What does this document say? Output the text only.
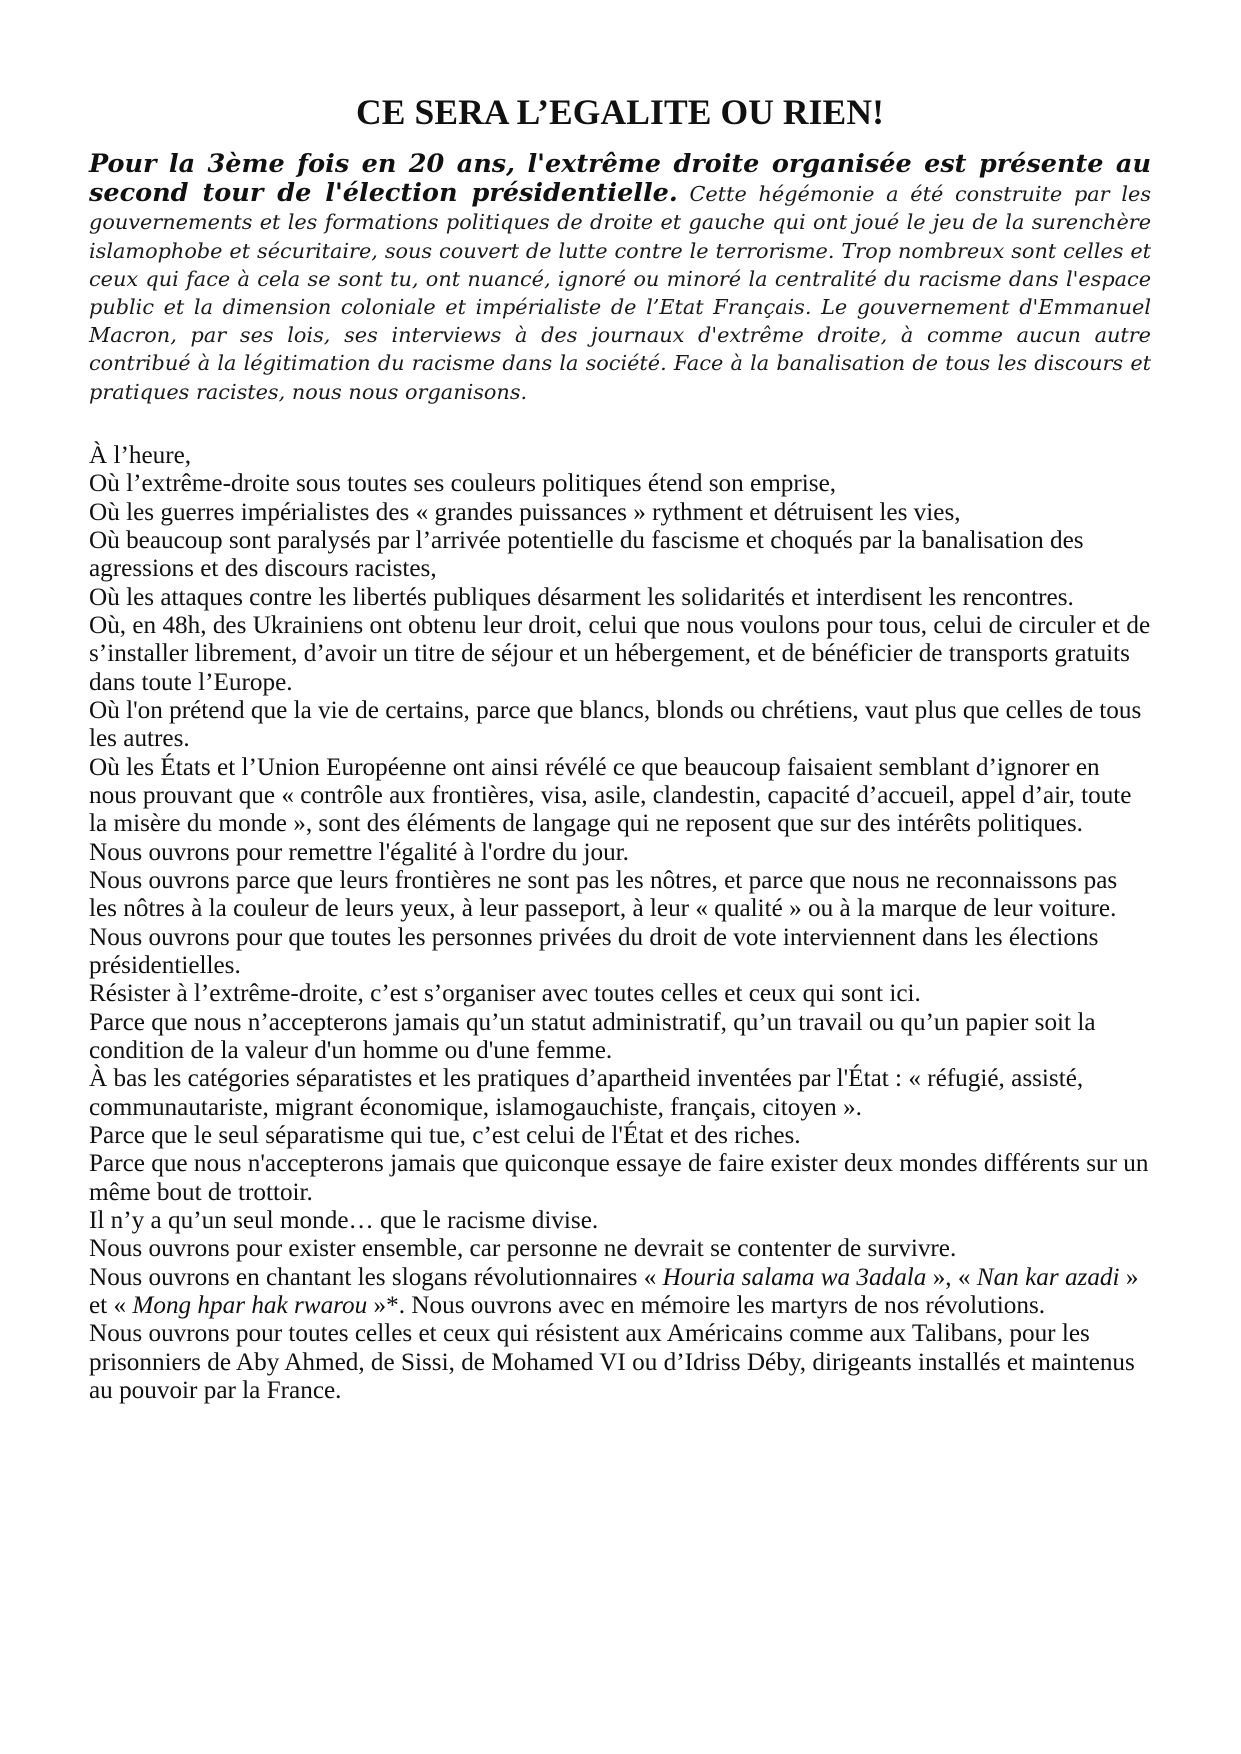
CE SERA L’EGALITE OU RIEN!

Pour la 3ème fois en 20 ans, l'extrême droite organisée est présente au second tour de l'élection présidentielle. Cette hégémonie a été construite par les gouvernements et les formations politiques de droite et gauche qui ont joué le jeu de la surenchère islamophobe et sécuritaire, sous couvert de lutte contre le terrorisme. Trop nombreux sont celles et ceux qui face à cela se sont tu, ont nuancé, ignoré ou minoré la centralité du racisme dans l'espace public et la dimension coloniale et impérialiste de l’Etat Français. Le gouvernement d'Emmanuel Macron, par ses lois, ses interviews à des journaux d'extrême droite, à comme aucun autre contribué à la légitimation du racisme dans la société. Face à la banalisation de tous les discours et pratiques racistes, nous nous organisons.

À l’heure,

Où l’extrême-droite sous toutes ses couleurs politiques étend son emprise,

Où les guerres impérialistes des « grandes puissances » rythment et détruisent les vies,

Où beaucoup sont paralysés par l’arrivée potentielle du fascisme et choqués par la banalisation des agressions et des discours racistes,

Où les attaques contre les libertés publiques désarment les solidarités et interdisent les rencontres.

Où, en 48h, des Ukrainiens ont obtenu leur droit, celui que nous voulons pour tous, celui de circuler et de s’installer librement, d’avoir un titre de séjour et un hébergement, et de bénéficier de transports gratuits dans toute l’Europe.

Où l'on prétend que la vie de certains, parce que blancs, blonds ou chrétiens, vaut plus que celles de tous les autres.

Où les États et l’Union Européenne ont ainsi révélé ce que beaucoup faisaient semblant d’ignorer en nous prouvant que « contrôle aux frontières, visa, asile, clandestin, capacité d’accueil, appel d’air, toute la misère du monde », sont des éléments de langage qui ne reposent que sur des intérêts politiques.

Nous ouvrons pour remettre l'égalité à l'ordre du jour.

Nous ouvrons parce que leurs frontières ne sont pas les nôtres, et parce que nous ne reconnaissons pas les nôtres à la couleur de leurs yeux, à leur passeport, à leur « qualité » ou à la marque de leur voiture.

Nous ouvrons pour que toutes les personnes privées du droit de vote interviennent dans les élections présidentielles.

Résister à l’extrême-droite, c’est s’organiser avec toutes celles et ceux qui sont ici.

Parce que nous n’accepterons jamais qu’un statut administratif, qu’un travail ou qu’un papier soit la condition de la valeur d'un homme ou d'une femme.

À bas les catégories séparatistes et les pratiques d’apartheid inventées par l'État : « réfugié, assisté, communautariste, migrant économique, islamogauchiste, français, citoyen ».

Parce que le seul séparatisme qui tue, c’est celui de l'État et des riches.

Parce que nous n'accepterons jamais que quiconque essaye de faire exister deux mondes différents sur un même bout de trottoir.

Il n’y a qu’un seul monde… que le racisme divise.

Nous ouvrons pour exister ensemble, car personne ne devrait se contenter de survivre.

Nous ouvrons en chantant les slogans révolutionnaires « Houria salama wa 3adala », « Nan kar azadi » et « Mong hpar hak rwarou »*. Nous ouvrons avec en mémoire les martyrs de nos révolutions.

Nous ouvrons pour toutes celles et ceux qui résistent aux Américains comme aux Talibans, pour les prisonniers de Aby Ahmed, de Sissi, de Mohamed VI ou d’Idriss Déby, dirigeants installés et maintenus au pouvoir par la France.
